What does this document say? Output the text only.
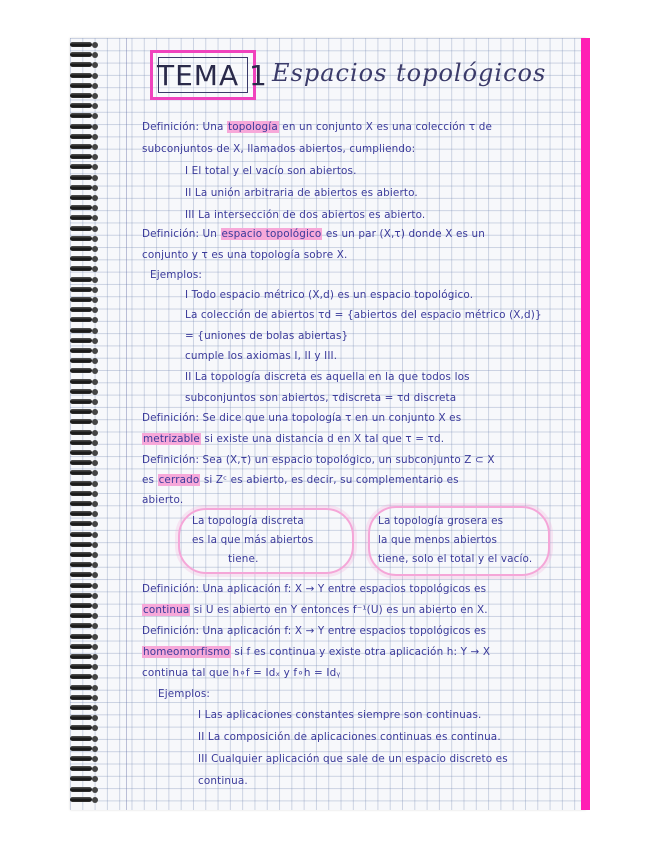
TEMA 1 Espacios topológicos
Definición: Una topología en un conjunto X es una colección τ de
subconjuntos de X, llamados abiertos, cumpliendo:
I El total y el vacío son abiertos.
II La unión arbitraria de abiertos es abierto.
III La intersección de dos abiertos es abierto.
Definición: Un espacio topológico es un par (X,τ) donde X es un
conjunto y τ es una topología sobre X.
Ejemplos:
I Todo espacio métrico (X,d) es un espacio topológico.
La colección de abiertos τd = {abiertos del espacio métrico (X,d)}
= {uniones de bolas abiertas}
cumple los axiomas I, II y III.
II La topología discreta es aquella en la que todos los
subconjuntos son abiertos, τdiscreta = τd discreta
Definición: Se dice que una topología τ en un conjunto X es
metrizable si existe una distancia d en X tal que τ = τd.
Definición: Sea (X,τ) un espacio topológico, un subconjunto Z ⊂ X
es cerrado si Zᶜ es abierto, es decir, su complementario es
abierto.
La topología discreta
es la que más abiertos
tiene.
La topología grosera es
la que menos abiertos
tiene, solo el total y el vacío.
Definición: Una aplicación f: X → Y entre espacios topológicos es
continua si U es abierto en Y entonces f⁻¹(U) es un abierto en X.
Definición: Una aplicación f: X → Y entre espacios topológicos es
homeomorfismo si f es continua y existe otra aplicación h: Y → X
continua tal que h∘f = Idₓ y f∘h = Idᵧ
Ejemplos:
I Las aplicaciones constantes siempre son continuas.
II La composición de aplicaciones continuas es continua.
III Cualquier aplicación que sale de un espacio discreto es
continua.
